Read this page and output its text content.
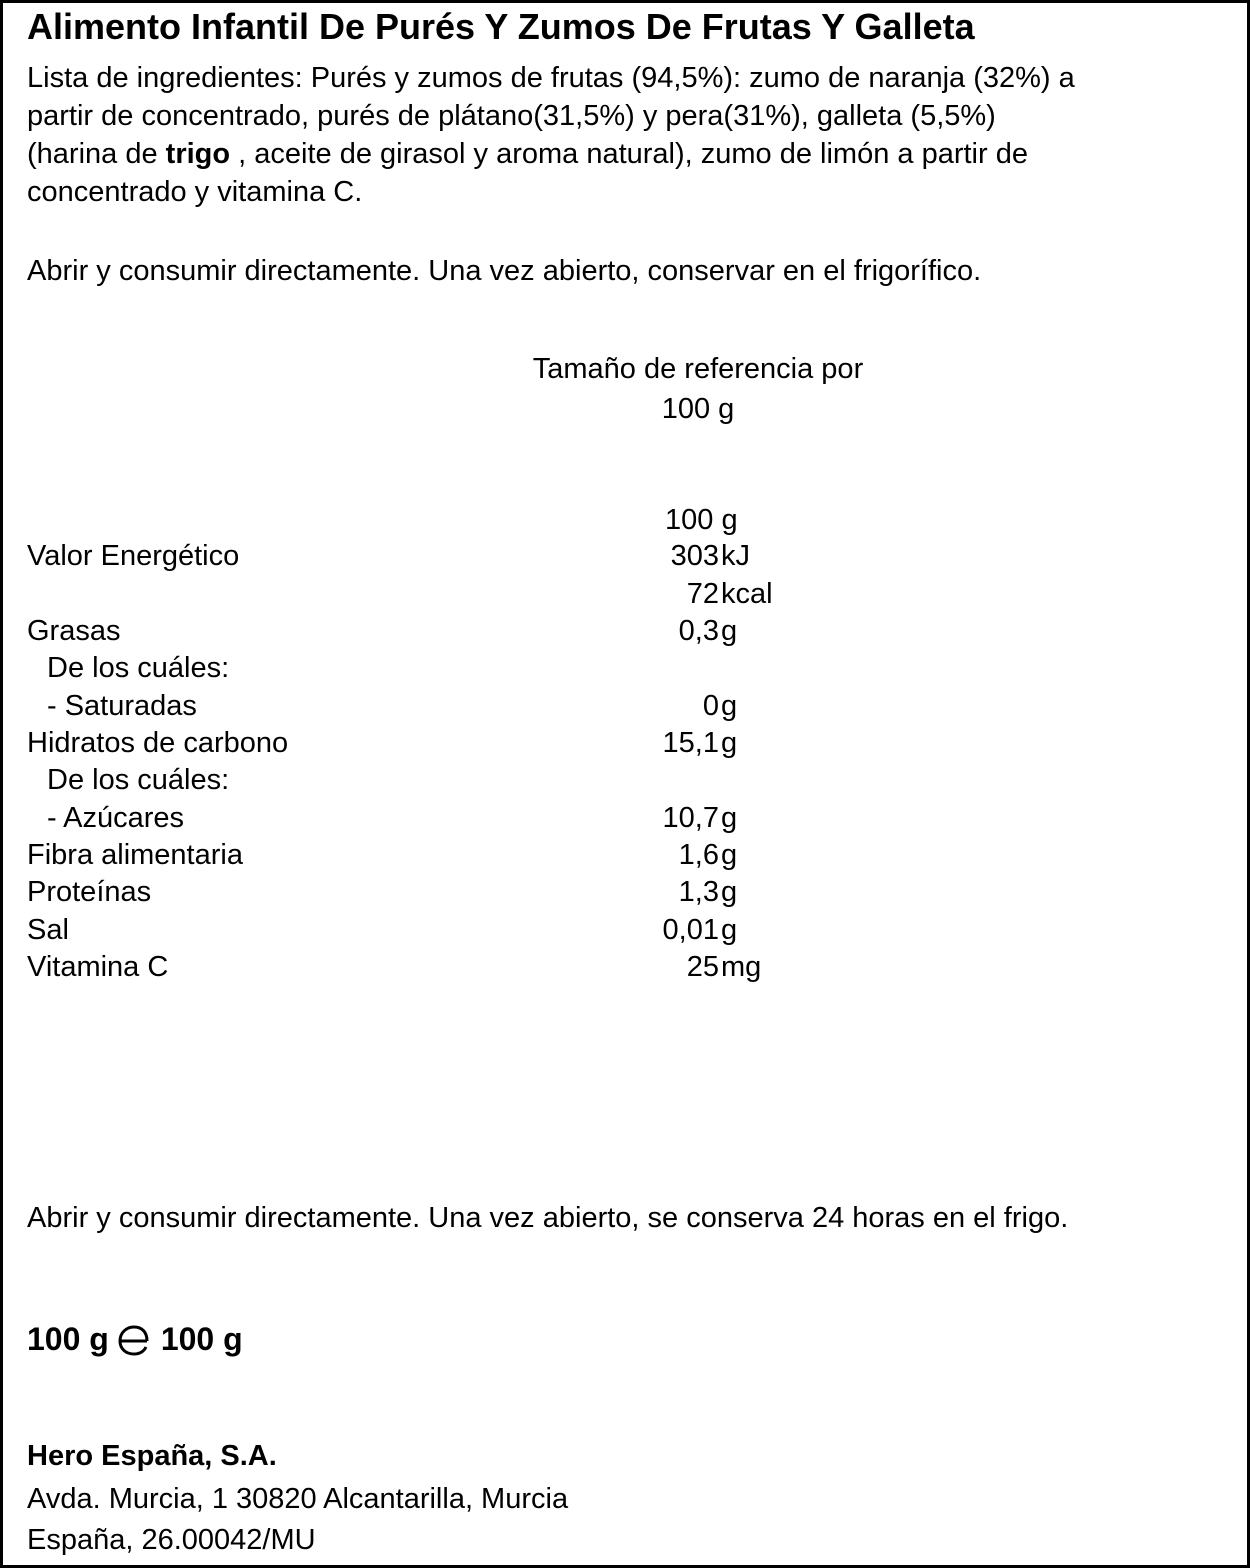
Alimento Infantil De Purés Y Zumos De Frutas Y Galleta
Lista de ingredientes: Purés y zumos de frutas (94,5%): zumo de naranja (32%) a
partir de concentrado, purés de plátano(31,5%) y pera(31%), galleta (5,5%)
(harina de trigo , aceite de girasol y aroma natural), zumo de limón a partir de
concentrado y vitamina C.
Abrir y consumir directamente. Una vez abierto, conservar en el frigorífico.
Tamaño de referencia por
100 g
100 g
Valor Energético	303 kJ
72 kcal
Grasas	0,3 g
De los cuáles:
- Saturadas	0 g
Hidratos de carbono	15,1 g
De los cuáles:
- Azúcares	10,7 g
Fibra alimentaria	1,6 g
Proteínas	1,3 g
Sal	0,01 g
Vitamina C	25 mg
Abrir y consumir directamente. Una vez abierto, se conserva 24 horas en el frigo.
100 g 100 g
Hero España, S.A.
Avda. Murcia, 1 30820 Alcantarilla, Murcia
España, 26.00042/MU
